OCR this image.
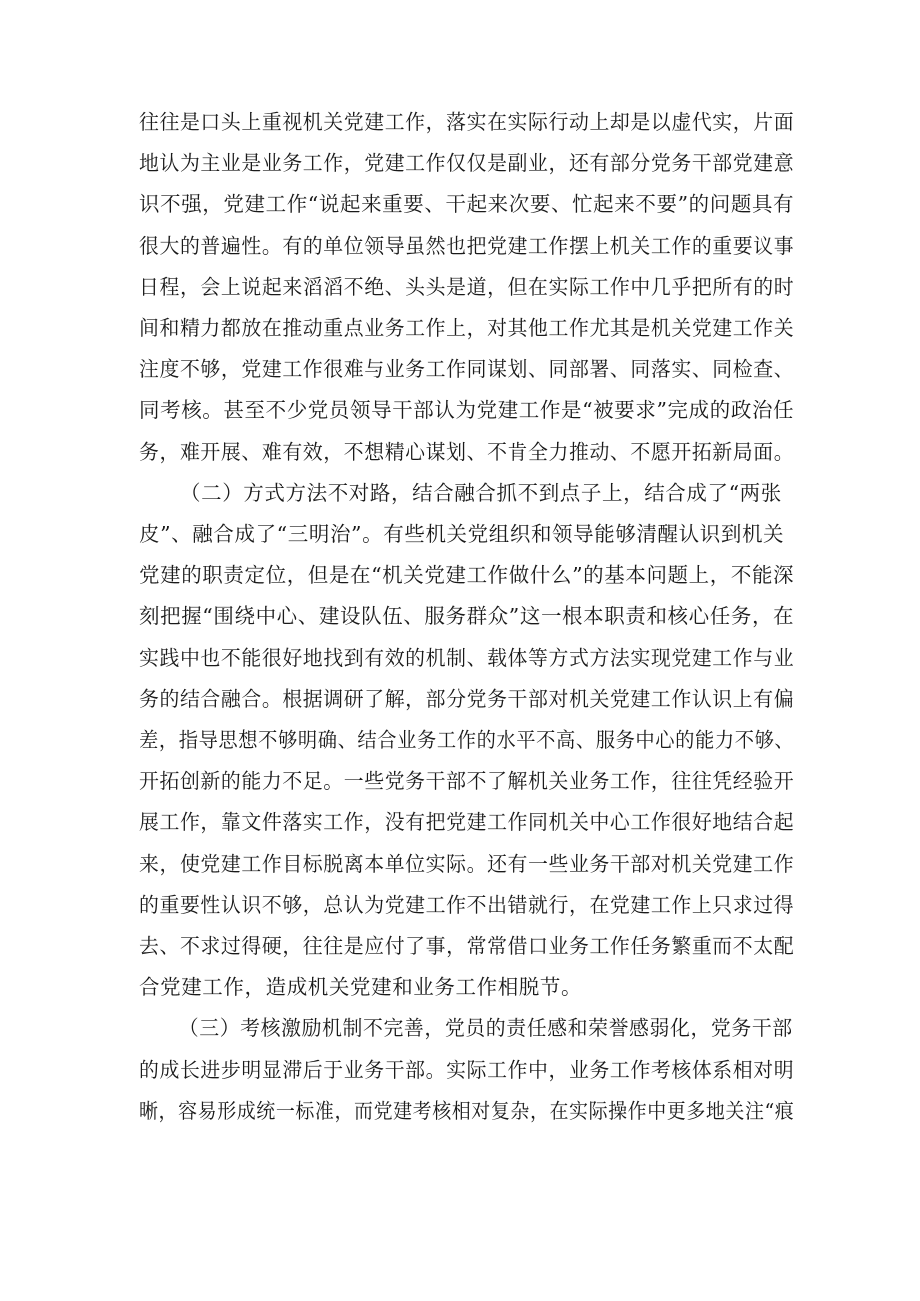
往往是口头上重视机关党建工作，落实在实际行动上却是以虚代实，片面
地认为主业是业务工作，党建工作仅仅是副业，还有部分党务干部党建意
识不强，党建工作“说起来重要、干起来次要、忙起来不要”的问题具有
很大的普遍性。有的单位领导虽然也把党建工作摆上机关工作的重要议事
日程，会上说起来滔滔不绝、头头是道，但在实际工作中几乎把所有的时
间和精力都放在推动重点业务工作上，对其他工作尤其是机关党建工作关
注度不够，党建工作很难与业务工作同谋划、同部署、同落实、同检查、
同考核。甚至不少党员领导干部认为党建工作是“被要求”完成的政治任
务，难开展、难有效，不想精心谋划、不肯全力推动、不愿开拓新局面。
（二）方式方法不对路，结合融合抓不到点子上，结合成了“两张
皮”、融合成了“三明治”。有些机关党组织和领导能够清醒认识到机关
党建的职责定位，但是在“机关党建工作做什么”的基本问题上，不能深
刻把握“围绕中心、建设队伍、服务群众”这一根本职责和核心任务，在
实践中也不能很好地找到有效的机制、载体等方式方法实现党建工作与业
务的结合融合。根据调研了解，部分党务干部对机关党建工作认识上有偏
差，指导思想不够明确、结合业务工作的水平不高、服务中心的能力不够、
开拓创新的能力不足。一些党务干部不了解机关业务工作，往往凭经验开
展工作，靠文件落实工作，没有把党建工作同机关中心工作很好地结合起
来，使党建工作目标脱离本单位实际。还有一些业务干部对机关党建工作
的重要性认识不够，总认为党建工作不出错就行，在党建工作上只求过得
去、不求过得硬，往往是应付了事，常常借口业务工作任务繁重而不太配
合党建工作，造成机关党建和业务工作相脱节。
（三）考核激励机制不完善，党员的责任感和荣誉感弱化，党务干部
的成长进步明显滞后于业务干部。实际工作中，业务工作考核体系相对明
晰，容易形成统一标准，而党建考核相对复杂，在实际操作中更多地关注“痕
